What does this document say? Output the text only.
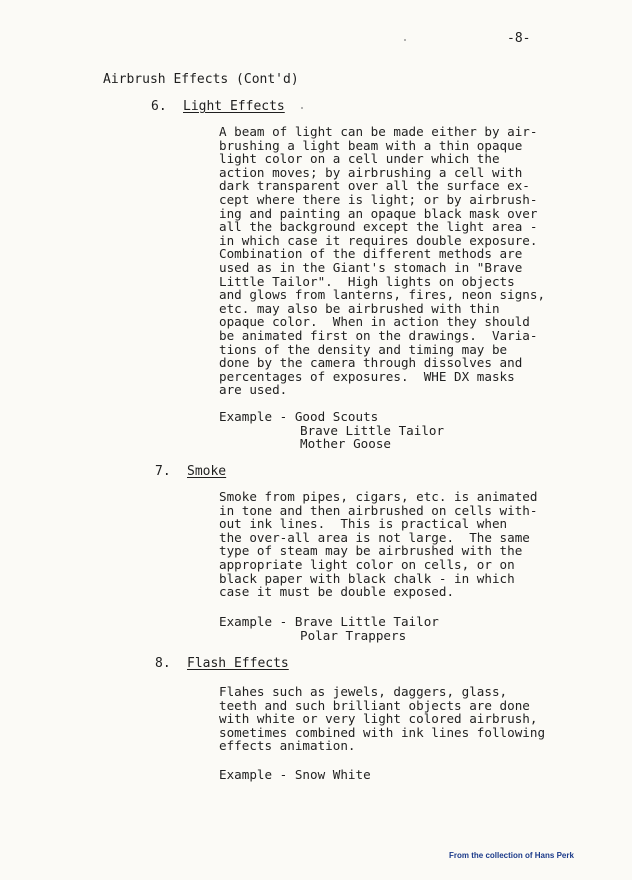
-8-
Airbrush Effects (Cont'd)
6. Light Effects
A beam of light can be made either by air-
brushing a light beam with a thin opaque
light color on a cell under which the
action moves; by airbrushing a cell with
dark transparent over all the surface ex-
cept where there is light; or by airbrush-
ing and painting an opaque black mask over
all the background except the light area -
in which case it requires double exposure.
Combination of the different methods are
used as in the Giant's stomach in "Brave
Little Tailor".  High lights on objects
and glows from lanterns, fires, neon signs,
etc. may also be airbrushed with thin
opaque color.  When in action they should
be animated first on the drawings.  Varia-
tions of the density and timing may be
done by the camera through dissolves and
percentages of exposures.  WHE DX masks
are used.
Example - Good Scouts
Brave Little Tailor
Mother Goose
7. Smoke
Smoke from pipes, cigars, etc. is animated
in tone and then airbrushed on cells with-
out ink lines.  This is practical when
the over-all area is not large.  The same
type of steam may be airbrushed with the
appropriate light color on cells, or on
black paper with black chalk - in which
case it must be double exposed.
Example - Brave Little Tailor
Polar Trappers
8. Flash Effects
Flahes such as jewels, daggers, glass,
teeth and such brilliant objects are done
with white or very light colored airbrush,
sometimes combined with ink lines following
effects animation.
Example - Snow White
From the collection of Hans Perk
